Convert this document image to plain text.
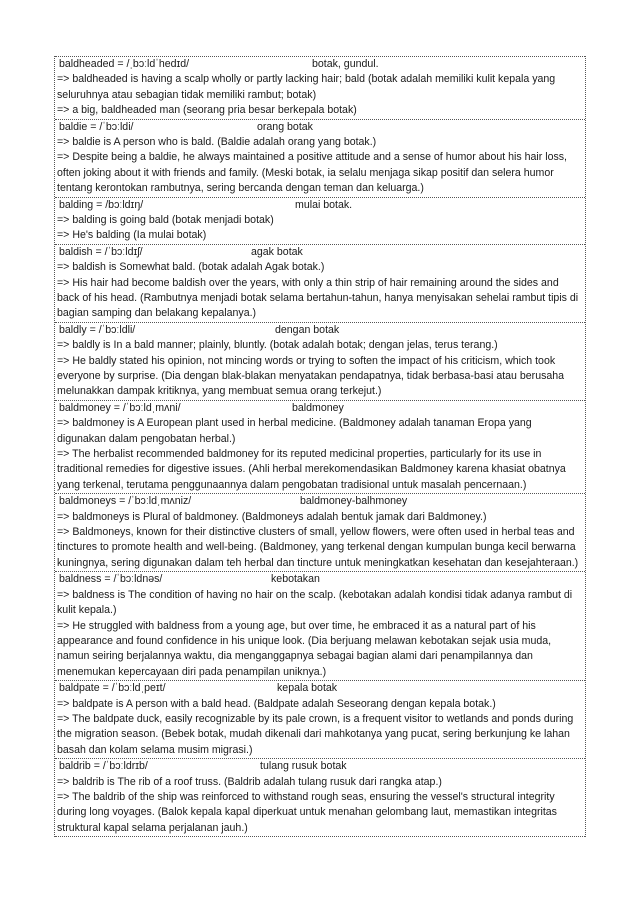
baldheaded = /ˌbɔːldˈhedɪd/	botak, gundul.
=> baldheaded is having a scalp wholly or partly lacking hair; bald (botak adalah memiliki kulit kepala yang seluruhnya atau sebagian tidak memiliki rambut; botak)
=> a big, baldheaded man (seorang pria besar berkepala botak)
baldie = /ˈbɔːldi/	orang botak
=> baldie is A person who is bald. (Baldie adalah orang yang botak.)
=> Despite being a baldie, he always maintained a positive attitude and a sense of humor about his hair loss, often joking about it with friends and family. (Meski botak, ia selalu menjaga sikap positif dan selera humor tentang kerontokan rambutnya, sering bercanda dengan teman dan keluarga.)
balding = /bɔːldɪŋ/	mulai botak.
=> balding is going bald (botak menjadi botak)
=> He's balding (Ia mulai botak)
baldish = /ˈbɔːldɪʃ/	agak botak
=> baldish is Somewhat bald. (botak adalah Agak botak.)
=> His hair had become baldish over the years, with only a thin strip of hair remaining around the sides and back of his head. (Rambutnya menjadi botak selama bertahun-tahun, hanya menyisakan sehelai rambut tipis di bagian samping dan belakang kepalanya.)
baldly = /ˈbɔːldli/	dengan botak
=> baldly is In a bald manner; plainly, bluntly. (botak adalah botak; dengan jelas, terus terang.)
=> He baldly stated his opinion, not mincing words or trying to soften the impact of his criticism, which took everyone by surprise. (Dia dengan blak-blakan menyatakan pendapatnya, tidak berbasa-basi atau berusaha melunakkan dampak kritiknya, yang membuat semua orang terkejut.)
baldmoney = /ˈbɔːldˌmʌni/	baldmoney
=> baldmoney is A European plant used in herbal medicine. (Baldmoney adalah tanaman Eropa yang digunakan dalam pengobatan herbal.)
=> The herbalist recommended baldmoney for its reputed medicinal properties, particularly for its use in traditional remedies for digestive issues. (Ahli herbal merekomendasikan Baldmoney karena khasiat obatnya yang terkenal, terutama penggunaannya dalam pengobatan tradisional untuk masalah pencernaan.)
baldmoneys = /ˈbɔːldˌmʌniz/	baldmoney-balhmoney
=> baldmoneys is Plural of baldmoney. (Baldmoneys adalah bentuk jamak dari Baldmoney.)
=> Baldmoneys, known for their distinctive clusters of small, yellow flowers, were often used in herbal teas and tinctures to promote health and well-being. (Baldmoney, yang terkenal dengan kumpulan bunga kecil berwarna kuningnya, sering digunakan dalam teh herbal dan tincture untuk meningkatkan kesehatan dan kesejahteraan.)
baldness = /ˈbɔːldnəs/	kebotakan
=> baldness is The condition of having no hair on the scalp. (kebotakan adalah kondisi tidak adanya rambut di kulit kepala.)
=> He struggled with baldness from a young age, but over time, he embraced it as a natural part of his appearance and found confidence in his unique look. (Dia berjuang melawan kebotakan sejak usia muda, namun seiring berjalannya waktu, dia menganggapnya sebagai bagian alami dari penampilannya dan menemukan kepercayaan diri pada penampilan uniknya.)
baldpate = /ˈbɔːldˌpeɪt/	kepala botak
=> baldpate is A person with a bald head. (Baldpate adalah Seseorang dengan kepala botak.)
=> The baldpate duck, easily recognizable by its pale crown, is a frequent visitor to wetlands and ponds during the migration season. (Bebek botak, mudah dikenali dari mahkotanya yang pucat, sering berkunjung ke lahan basah dan kolam selama musim migrasi.)
baldrib = /ˈbɔːldrɪb/	tulang rusuk botak
=> baldrib is The rib of a roof truss. (Baldrib adalah tulang rusuk dari rangka atap.)
=> The baldrib of the ship was reinforced to withstand rough seas, ensuring the vessel's structural integrity during long voyages. (Balok kepala kapal diperkuat untuk menahan gelombang laut, memastikan integritas struktural kapal selama perjalanan jauh.)
